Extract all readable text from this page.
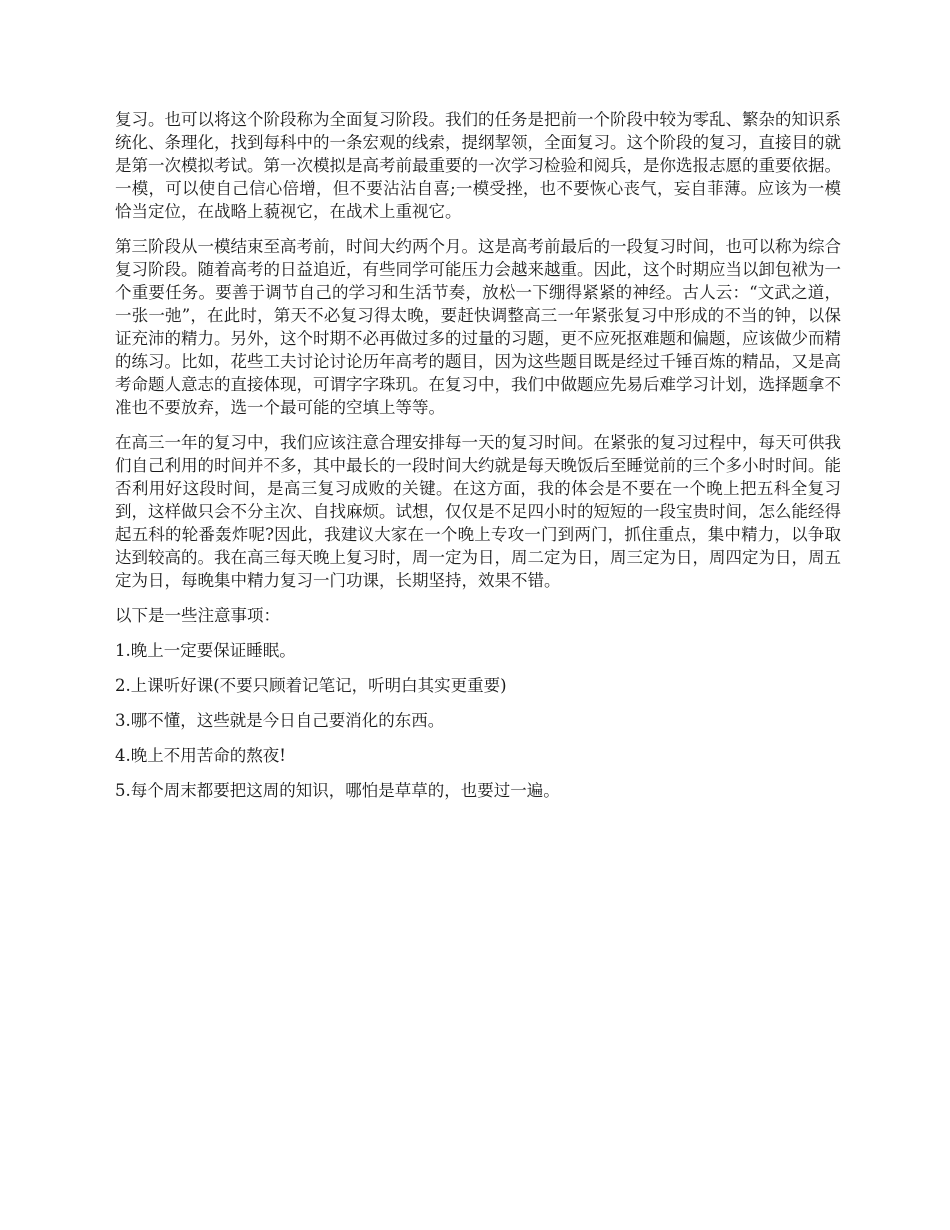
复习。也可以将这个阶段称为全面复习阶段。我们的任务是把前一个阶段中较为零乱、繁杂的知识系统化、条理化，找到每科中的一条宏观的线索，提纲挈领，全面复习。这个阶段的复习，直接目的就是第一次模拟考试。第一次模拟是高考前最重要的一次学习检验和阅兵，是你选报志愿的重要依据。一模，可以使自己信心倍增，但不要沾沾自喜;一模受挫，也不要恢心丧气，妄自菲薄。应该为一模恰当定位，在战略上藐视它，在战术上重视它。

第三阶段从一模结束至高考前，时间大约两个月。这是高考前最后的一段复习时间，也可以称为综合复习阶段。随着高考的日益追近，有些同学可能压力会越来越重。因此，这个时期应当以卸包袱为一个重要任务。要善于调节自己的学习和生活节奏，放松一下绷得紧紧的神经。古人云：“文武之道，一张一弛”，在此时，第天不必复习得太晚，要赶快调整高三一年紧张复习中形成的不当的钟，以保证充沛的精力。另外，这个时期不必再做过多的过量的习题，更不应死抠难题和偏题，应该做少而精的练习。比如，花些工夫讨论讨论历年高考的题目，因为这些题目既是经过千锤百炼的精品，又是高考命题人意志的直接体现，可谓字字珠玑。在复习中，我们中做题应先易后难学习计划，选择题拿不准也不要放弃，选一个最可能的空填上等等。

在高三一年的复习中，我们应该注意合理安排每一天的复习时间。在紧张的复习过程中，每天可供我们自己利用的时间并不多，其中最长的一段时间大约就是每天晚饭后至睡觉前的三个多小时时间。能否利用好这段时间，是高三复习成败的关键。在这方面，我的体会是不要在一个晚上把五科全复习到，这样做只会不分主次、自找麻烦。试想，仅仅是不足四小时的短短的一段宝贵时间，怎么能经得起五科的轮番轰炸呢?因此，我建议大家在一个晚上专攻一门到两门，抓住重点，集中精力，以争取达到较高的。我在高三每天晚上复习时，周一定为日，周二定为日，周三定为日，周四定为日，周五定为日，每晚集中精力复习一门功课，长期坚持，效果不错。

以下是一些注意事项：

1.晚上一定要保证睡眠。

2.上课听好课(不要只顾着记笔记，听明白其实更重要)

3.哪不懂，这些就是今日自己要消化的东西。

4.晚上不用苦命的熬夜!

5.每个周末都要把这周的知识，哪怕是草草的，也要过一遍。
